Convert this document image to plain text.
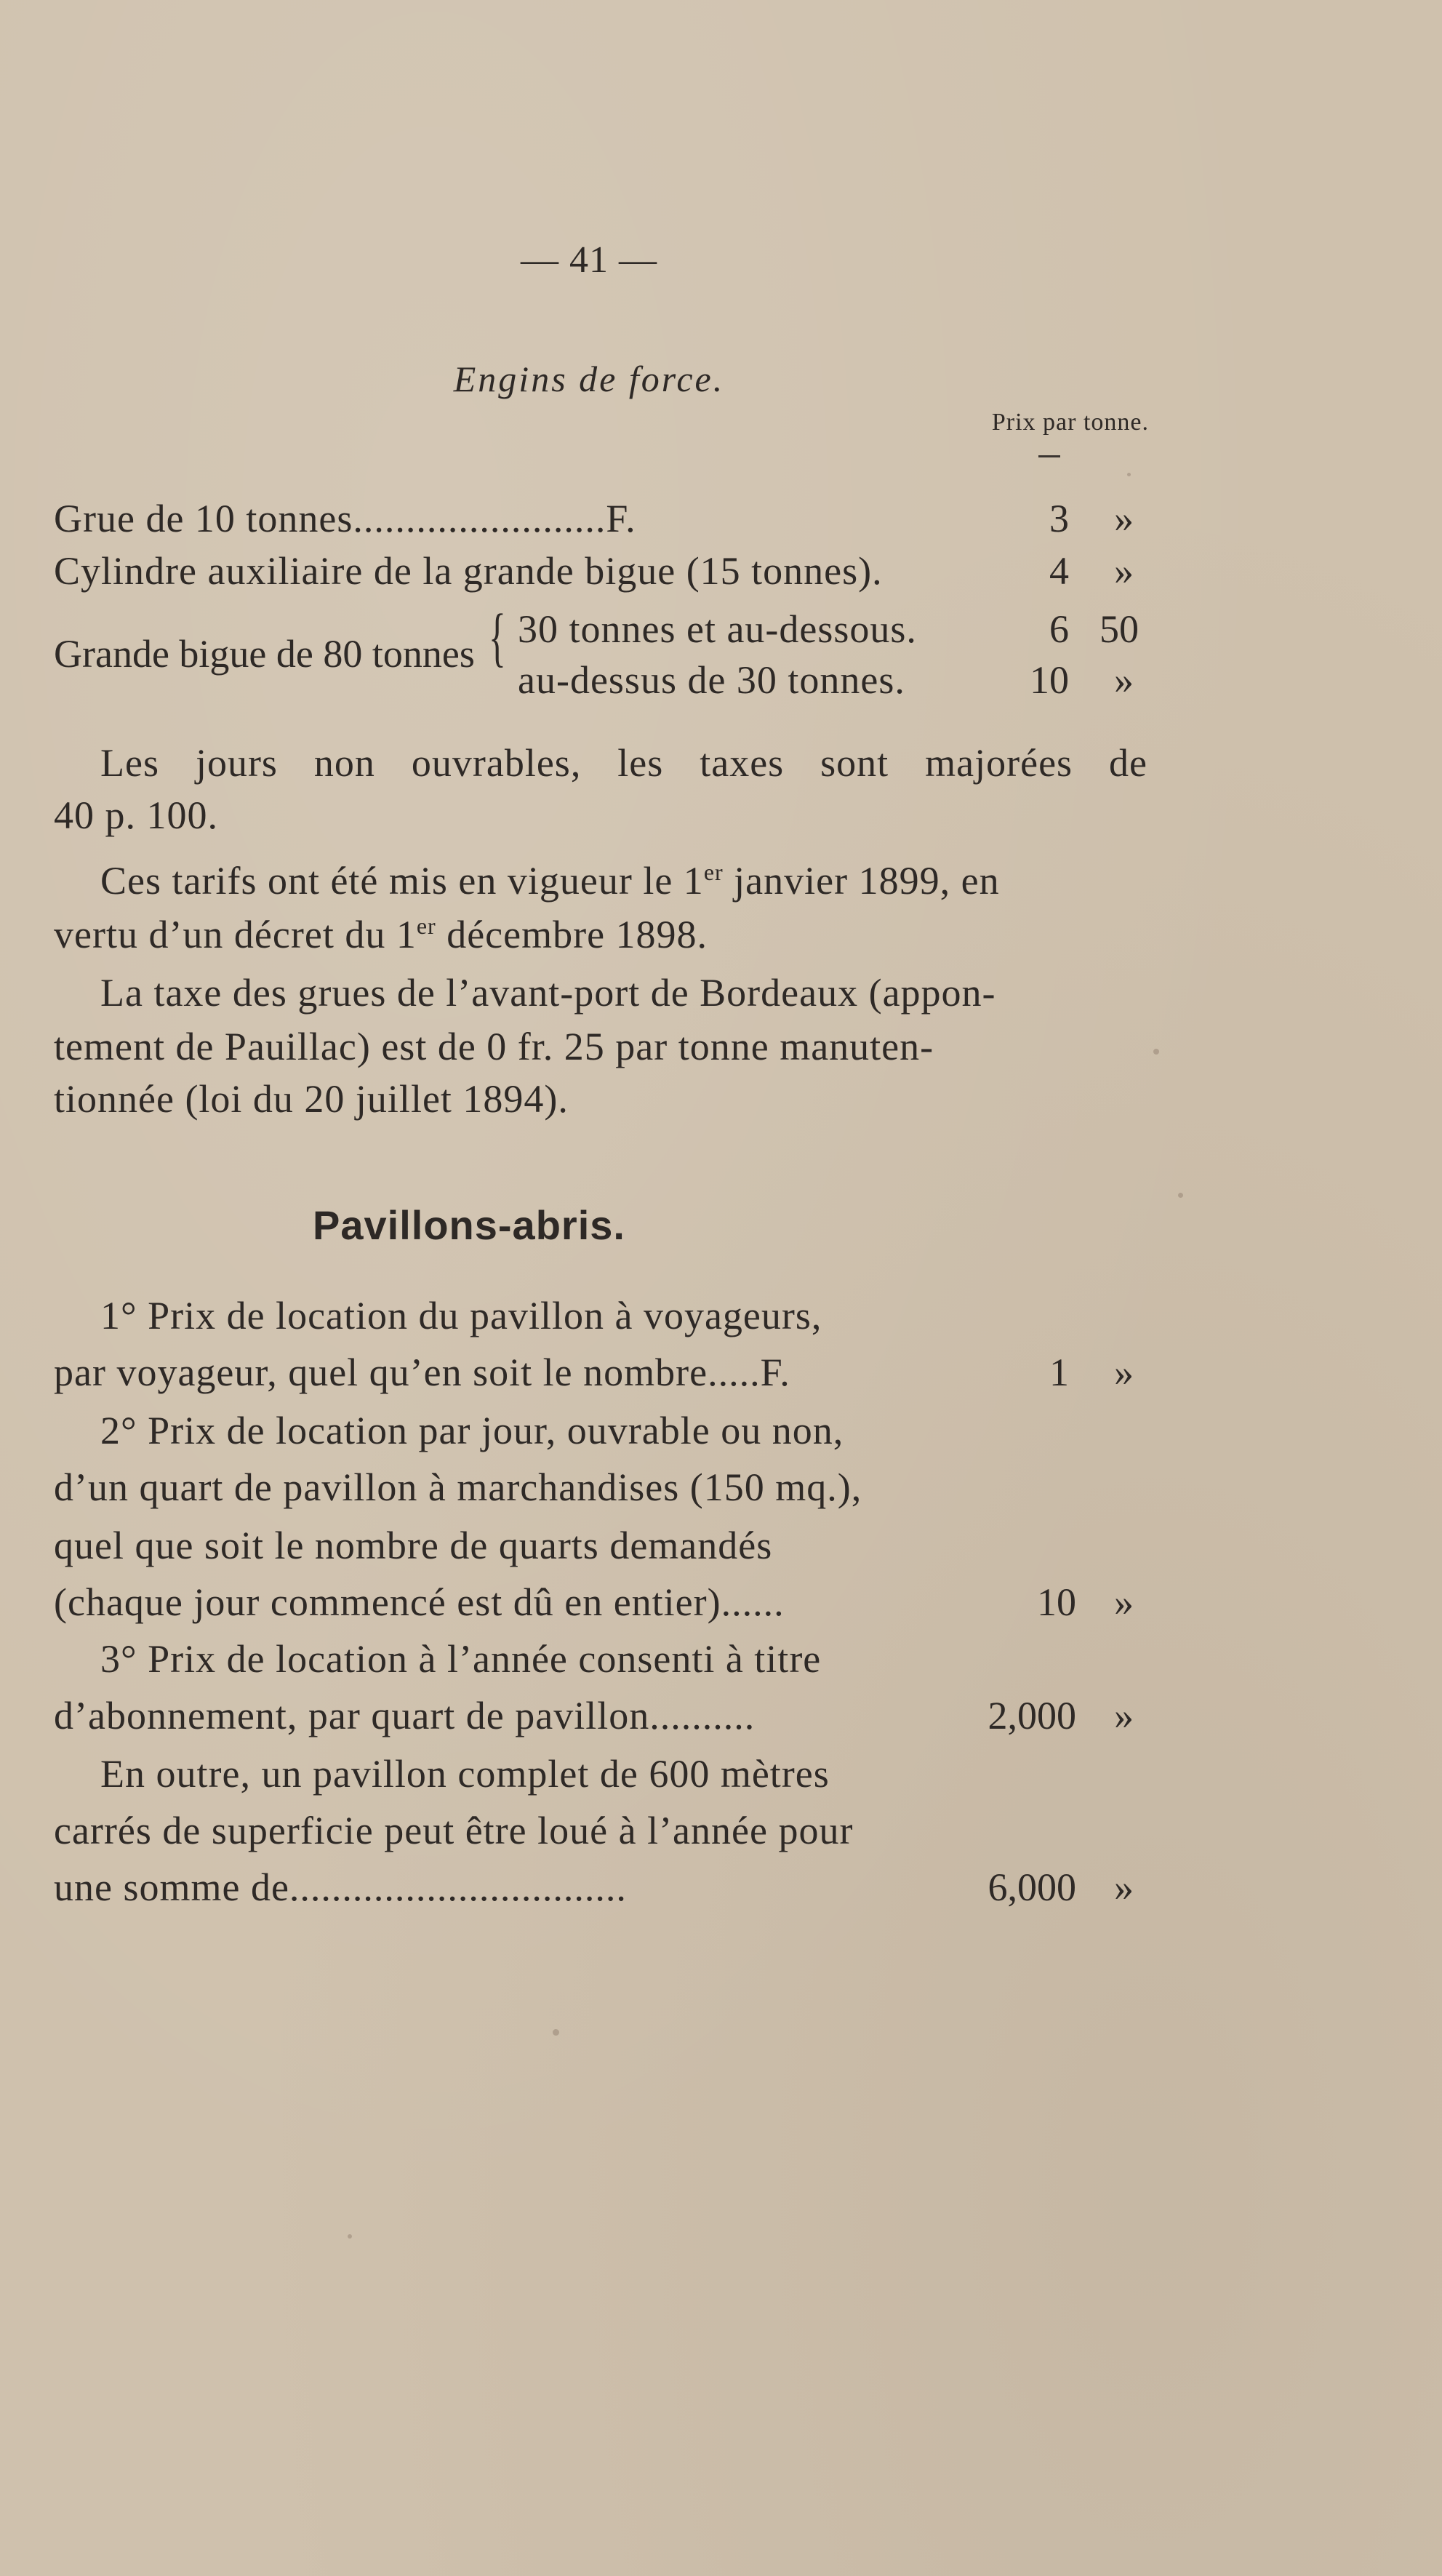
— 41 —
Engins de force.
Prix par tonne.
Grue de 10 tonnes........................F.	3 »
Cylindre auxiliaire de la grande bigue (15 tonnes).	4 »
Grande bigue de 80 tonnes { 30 tonnes et au-dessous.	6 50
au-dessus de 30 tonnes.	10 »
Les jours non ouvrables, les taxes sont majorées de
40 p. 100.
Ces tarifs ont été mis en vigueur le 1er janvier 1899, en
vertu d’un décret du 1er décembre 1898.
La taxe des grues de l’avant-port de Bordeaux (appon-
tement de Pauillac) est de 0 fr. 25 par tonne manuten-
tionnée (loi du 20 juillet 1894).
Pavillons-abris.
1° Prix de location du pavillon à voyageurs,
par voyageur, quel qu’en soit le nombre.....F.	1 »
2° Prix de location par jour, ouvrable ou non,
d’un quart de pavillon à marchandises (150 mq.),
quel que soit le nombre de quarts demandés
(chaque jour commencé est dû en entier)......	10 »
3° Prix de location à l’année consenti à titre
d’abonnement, par quart de pavillon..........	2,000 »
En outre, un pavillon complet de 600 mètres
carrés de superficie peut être loué à l’année pour
une somme de................................	6,000 »
